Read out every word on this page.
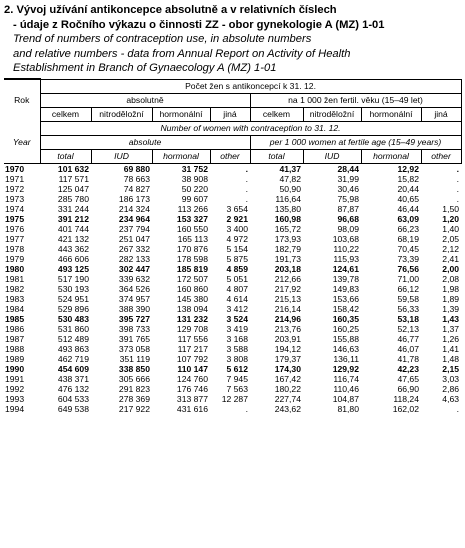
2. Vývoj užívání antikoncepce absolutně a v relativních číslech
- údaje z Ročního výkazu o činnosti ZZ - obor gynekologie A (MZ) 1-01
Trend of numbers of contraception use, in absolute numbers
and relative numbers - data from Annual Report on Activity of Health
Establishment in Branch of Gynaecology A (MZ) 1-01
	Počet žen s antikoncepcí k 31. 12.							
Rok	absolutně				na 1 000 žen fertil. věku (15–49 let)			
	celkem	nitroděložní	hormonální	jiná	celkem	nitroděložní	hormonální	jiná
	Number of women with contraception to 31. 12.							
Year	absolute				per 1 000 women at fertile age (15–49 years)			
	total	IUD	hormonal	other	total	IUD	hormonal	other
1970	101 632	69 880	31 752	.	41,37	28,44	12,92	.
1971	117 571	78 663	38 908	.	47,82	31,99	15,82	.
1972	125 047	74 827	50 220	.	50,90	30,46	20,44	.
1973	285 780	186 173	99 607	.	116,64	75,98	40,65	.
1974	331 244	214 324	113 266	3 654	135,80	87,87	46,44	1,50
1975	391 212	234 964	153 327	2 921	160,98	96,68	63,09	1,20
1976	401 744	237 794	160 550	3 400	165,72	98,09	66,23	1,40
1977	421 132	251 047	165 113	4 972	173,93	103,68	68,19	2,05
1978	443 362	267 332	170 876	5 154	182,79	110,22	70,45	2,12
1979	466 606	282 133	178 598	5 875	191,73	115,93	73,39	2,41
1980	493 125	302 447	185 819	4 859	203,18	124,61	76,56	2,00
1981	517 190	339 632	172 507	5 051	212,66	139,78	71,00	2,08
1982	530 193	364 526	160 860	4 807	217,92	149,83	66,12	1,98
1983	524 951	374 957	145 380	4 614	215,13	153,66	59,58	1,89
1984	529 896	388 390	138 094	3 412	216,14	158,42	56,33	1,39
1985	530 483	395 727	131 232	3 524	214,96	160,35	53,18	1,43
1986	531 860	398 733	129 708	3 419	213,76	160,25	52,13	1,37
1987	512 489	391 765	117 556	3 168	203,91	155,88	46,77	1,26
1988	493 863	373 058	117 217	3 588	194,12	146,63	46,07	1,41
1989	462 719	351 119	107 792	3 808	179,37	136,11	41,78	1,48
1990	454 609	338 850	110 147	5 612	174,30	129,92	42,23	2,15
1991	438 371	305 666	124 760	7 945	167,42	116,74	47,65	3,03
1992	476 132	291 823	176 746	7 563	180,22	110,46	66,90	2,86
1993	604 533	278 369	313 877	12 287	227,74	104,87	118,24	4,63
1994	649 538	217 922	431 616	.	243,62	81,80	162,02	.
